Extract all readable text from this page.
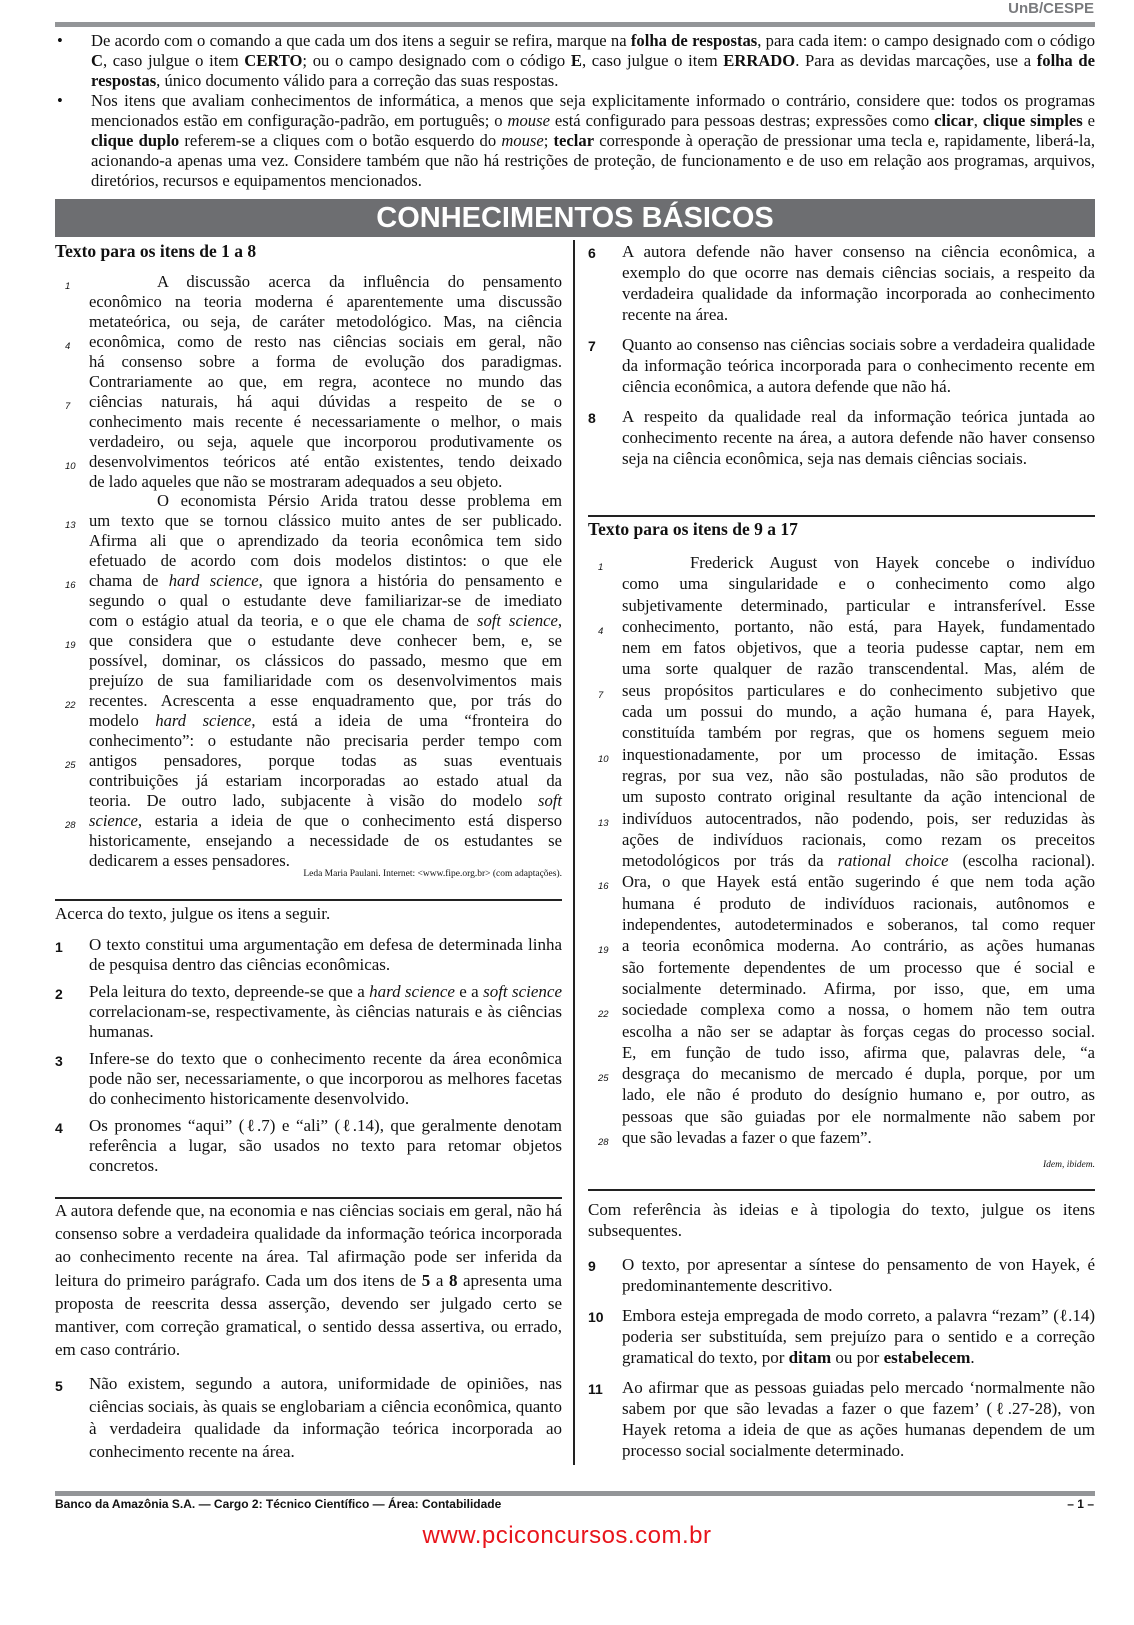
UnB/CESPE
•	De acordo com o comando a que cada um dos itens a seguir se refira, marque na folha de respostas, para cada item: o campo designado com o código C, caso julgue o item CERTO; ou o campo designado com o código E, caso julgue o item ERRADO. Para as devidas marcações, use a folha de respostas, único documento válido para a correção das suas respostas.
•	Nos itens que avaliam conhecimentos de informática, a menos que seja explicitamente informado o contrário, considere que: todos os programas mencionados estão em configuração-padrão, em português; o mouse está configurado para pessoas destras; expressões como clicar, clique simples e clique duplo referem-se a cliques com o botão esquerdo do mouse; teclar corresponde à operação de pressionar uma tecla e, rapidamente, liberá-la, acionando-a apenas uma vez. Considere também que não há restrições de proteção, de funcionamento e de uso em relação aos programas, arquivos, diretórios, recursos e equipamentos mencionados.
CONHECIMENTOS BÁSICOS
Texto para os itens de 1 a 8
1	A discussão acerca da influência do pensamento
econômico na teoria moderna é aparentemente uma discussão
metateórica, ou seja, de caráter metodológico. Mas, na ciência
4 econômica, como de resto nas ciências sociais em geral, não
há consenso sobre a forma de evolução dos paradigmas.
Contrariamente ao que, em regra, acontece no mundo das
7 ciências naturais, há aqui dúvidas a respeito de se o
conhecimento mais recente é necessariamente o melhor, o mais
verdadeiro, ou seja, aquele que incorporou produtivamente os
10 desenvolvimentos teóricos até então existentes, tendo deixado
de lado aqueles que não se mostraram adequados a seu objeto.
O economista Pérsio Arida tratou desse problema em
13 um texto que se tornou clássico muito antes de ser publicado.
Afirma ali que o aprendizado da teoria econômica tem sido
efetuado de acordo com dois modelos distintos: o que ele
16 chama de hard science, que ignora a história do pensamento e
segundo o qual o estudante deve familiarizar-se de imediato
com o estágio atual da teoria, e o que ele chama de soft science,
19 que considera que o estudante deve conhecer bem, e, se
possível, dominar, os clássicos do passado, mesmo que em
prejuízo de sua familiaridade com os desenvolvimentos mais
22 recentes. Acrescenta a esse enquadramento que, por trás do
modelo hard science, está a ideia de uma “fronteira do
conhecimento”: o estudante não precisaria perder tempo com
25 antigos pensadores, porque todas as suas eventuais
contribuições já estariam incorporadas ao estado atual da
teoria. De outro lado, subjacente à visão do modelo soft
28 science, estaria a ideia de que o conhecimento está disperso
historicamente, ensejando a necessidade de os estudantes se
dedicarem a esses pensadores.
Leda Maria Paulani. Internet: <www.fipe.org.br> (com adaptações).
Acerca do texto, julgue os itens a seguir.
1	O texto constitui uma argumentação em defesa de determinada linha de pesquisa dentro das ciências econômicas.
2	Pela leitura do texto, depreende-se que a hard science e a soft science correlacionam-se, respectivamente, às ciências naturais e às ciências humanas.
3	Infere-se do texto que o conhecimento recente da área econômica pode não ser, necessariamente, o que incorporou as melhores facetas do conhecimento historicamente desenvolvido.
4	Os pronomes “aqui” (ℓ.7) e “ali” (ℓ.14), que geralmente denotam referência a lugar, são usados no texto para retomar objetos concretos.
A autora defende que, na economia e nas ciências sociais em geral, não há consenso sobre a verdadeira qualidade da informação teórica incorporada ao conhecimento recente na área. Tal afirmação pode ser inferida da leitura do primeiro parágrafo. Cada um dos itens de 5 a 8 apresenta uma proposta de reescrita dessa asserção, devendo ser julgado certo se mantiver, com correção gramatical, o sentido dessa assertiva, ou errado, em caso contrário.
5	Não existem, segundo a autora, uniformidade de opiniões, nas ciências sociais, às quais se englobariam a ciência econômica, quanto à verdadeira qualidade da informação teórica incorporada ao conhecimento recente na área.
6	A autora defende não haver consenso na ciência econômica, a exemplo do que ocorre nas demais ciências sociais, a respeito da verdadeira qualidade da informação incorporada ao conhecimento recente na área.
7	Quanto ao consenso nas ciências sociais sobre a verdadeira qualidade da informação teórica incorporada para o conhecimento recente em ciência econômica, a autora defende que não há.
8	A respeito da qualidade real da informação teórica juntada ao conhecimento recente na área, a autora defende não haver consenso seja na ciência econômica, seja nas demais ciências sociais.
Texto para os itens de 9 a 17
1	Frederick August von Hayek concebe o indivíduo
como uma singularidade e o conhecimento como algo
subjetivamente determinado, particular e intransferível. Esse
4 conhecimento, portanto, não está, para Hayek, fundamentado
nem em fatos objetivos, que a teoria pudesse captar, nem em
uma sorte qualquer de razão transcendental. Mas, além de
7 seus propósitos particulares e do conhecimento subjetivo que
cada um possui do mundo, a ação humana é, para Hayek,
constituída também por regras, que os homens seguem meio
10 inquestionadamente, por um processo de imitação. Essas
regras, por sua vez, não são postuladas, não são produtos de
um suposto contrato original resultante da ação intencional de
13 indivíduos autocentrados, não podendo, pois, ser reduzidas às
ações de indivíduos racionais, como rezam os preceitos
metodológicos por trás da rational choice (escolha racional).
16 Ora, o que Hayek está então sugerindo é que nem toda ação
humana é produto de indivíduos racionais, autônomos e
independentes, autodeterminados e soberanos, tal como requer
19 a teoria econômica moderna. Ao contrário, as ações humanas
são fortemente dependentes de um processo que é social e
socialmente determinado. Afirma, por isso, que, em uma
22 sociedade complexa como a nossa, o homem não tem outra
escolha a não ser se adaptar às forças cegas do processo social.
E, em função de tudo isso, afirma que, palavras dele, “a
25 desgraça do mecanismo de mercado é dupla, porque, por um
lado, ele não é produto do desígnio humano e, por outro, as
pessoas que são guiadas por ele normalmente não sabem por
28 que são levadas a fazer o que fazem”.
Idem, ibidem.
Com referência às ideias e à tipologia do texto, julgue os itens subsequentes.
9	O texto, por apresentar a síntese do pensamento de von Hayek, é predominantemente descritivo.
10	Embora esteja empregada de modo correto, a palavra “rezam” (ℓ.14) poderia ser substituída, sem prejuízo para o sentido e a correção gramatical do texto, por ditam ou por estabelecem.
11	Ao afirmar que as pessoas guiadas pelo mercado ‘normalmente não sabem por que são levadas a fazer o que fazem’ (ℓ.27-28), von Hayek retoma a ideia de que as ações humanas dependem de um processo social socialmente determinado.
Banco da Amazônia S.A. — Cargo 2: Técnico Científico — Área: Contabilidade	– 1 –
www.pciconcursos.com.br
